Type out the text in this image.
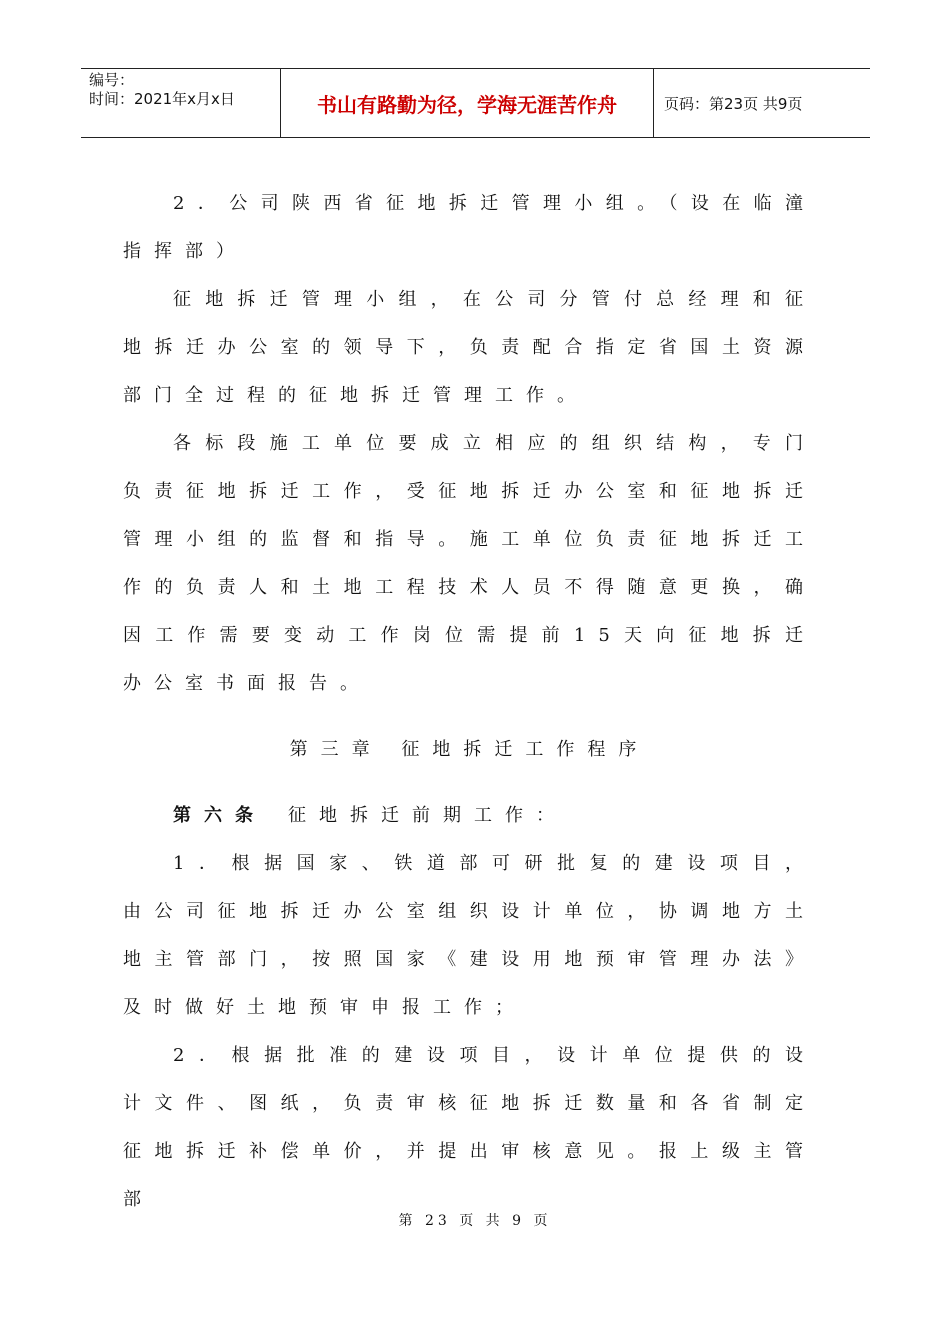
编号：
时间：2021年x月x日	书山有路勤为径，学海无涯苦作舟	页码：第23页 共9页

2．公司陕西省征地拆迁管理小组。（设在临潼指挥部）

征地拆迁管理小组，在公司分管付总经理和征地拆迁办公室的领导下，负责配合指定省国土资源部门全过程的征地拆迁管理工作。

各标段施工单位要成立相应的组织结构，专门负责征地拆迁工作，受征地拆迁办公室和征地拆迁管理小组的监督和指导。施工单位负责征地拆迁工作的负责人和土地工程技术人员不得随意更换，确因工作需要变动工作岗位需提前15天向征地拆迁办公室书面报告。

第三章 征地拆迁工作程序

第六条 征地拆迁前期工作：

1．根据国家、铁道部可研批复的建设项目，由公司征地拆迁办公室组织设计单位，协调地方土地主管部门，按照国家《建设用地预审管理办法》及时做好土地预审申报工作；

2．根据批准的建设项目，设计单位提供的设计文件、图纸，负责审核征地拆迁数量和各省制定征地拆迁补偿单价，并提出审核意见。报上级主管部

第 23 页 共 9 页
